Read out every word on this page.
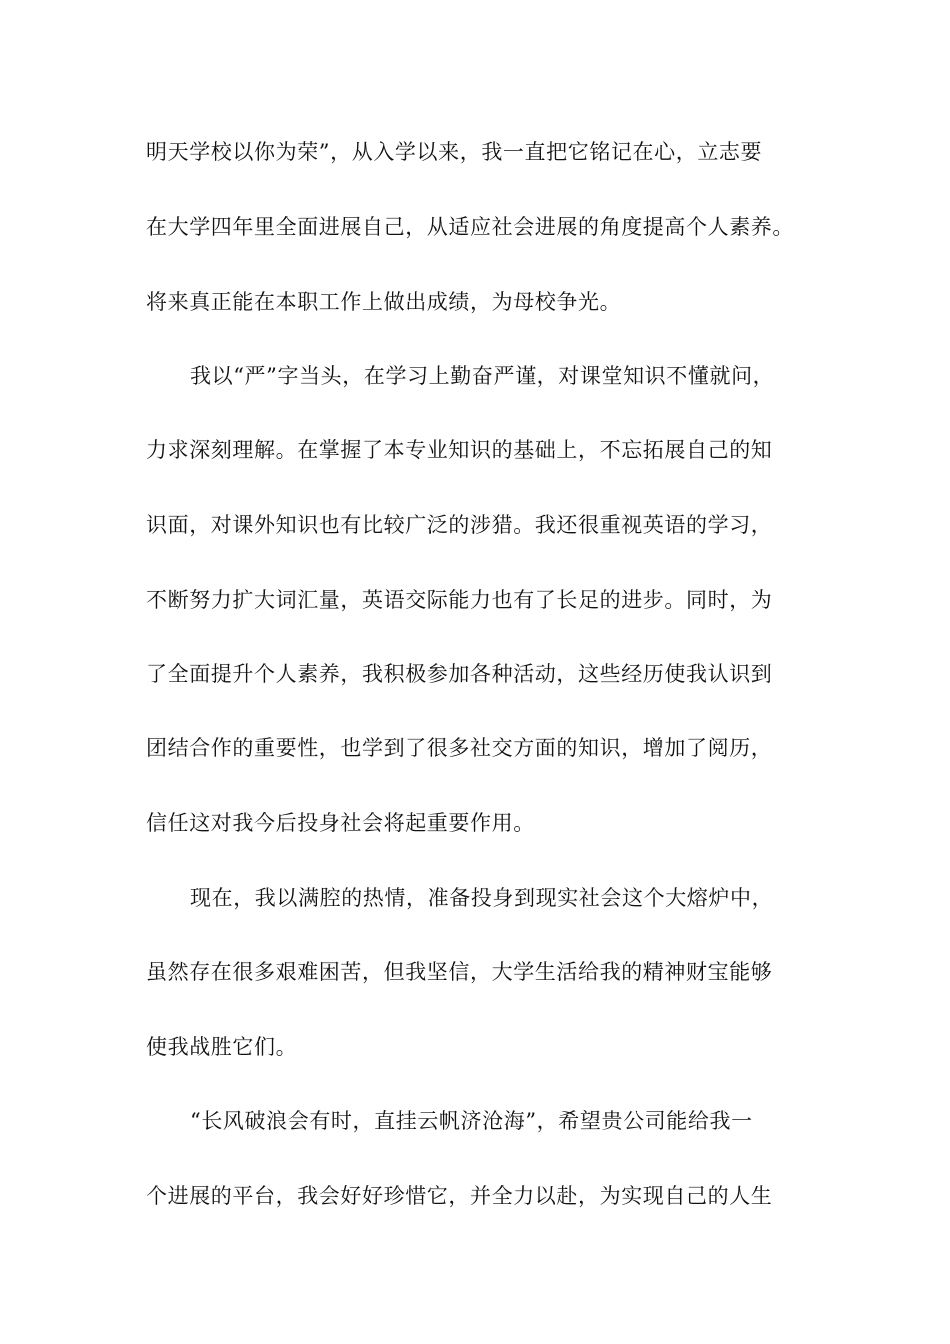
明天学校以你为荣”，从入学以来，我一直把它铭记在心，立志要
在大学四年里全面进展自己，从适应社会进展的角度提高个人素养。
将来真正能在本职工作上做出成绩，为母校争光。
我以“严”字当头，在学习上勤奋严谨，对课堂知识不懂就问，
力求深刻理解。在掌握了本专业知识的基础上，不忘拓展自己的知
识面，对课外知识也有比较广泛的涉猎。我还很重视英语的学习，
不断努力扩大词汇量，英语交际能力也有了长足的进步。同时，为
了全面提升个人素养，我积极参加各种活动，这些经历使我认识到
团结合作的重要性，也学到了很多社交方面的知识，增加了阅历，
信任这对我今后投身社会将起重要作用。
现在，我以满腔的热情，准备投身到现实社会这个大熔炉中，
虽然存在很多艰难困苦，但我坚信，大学生活给我的精神财宝能够
使我战胜它们。
“长风破浪会有时，直挂云帆济沧海”，希望贵公司能给我一
个进展的平台，我会好好珍惜它，并全力以赴，为实现自己的人生
